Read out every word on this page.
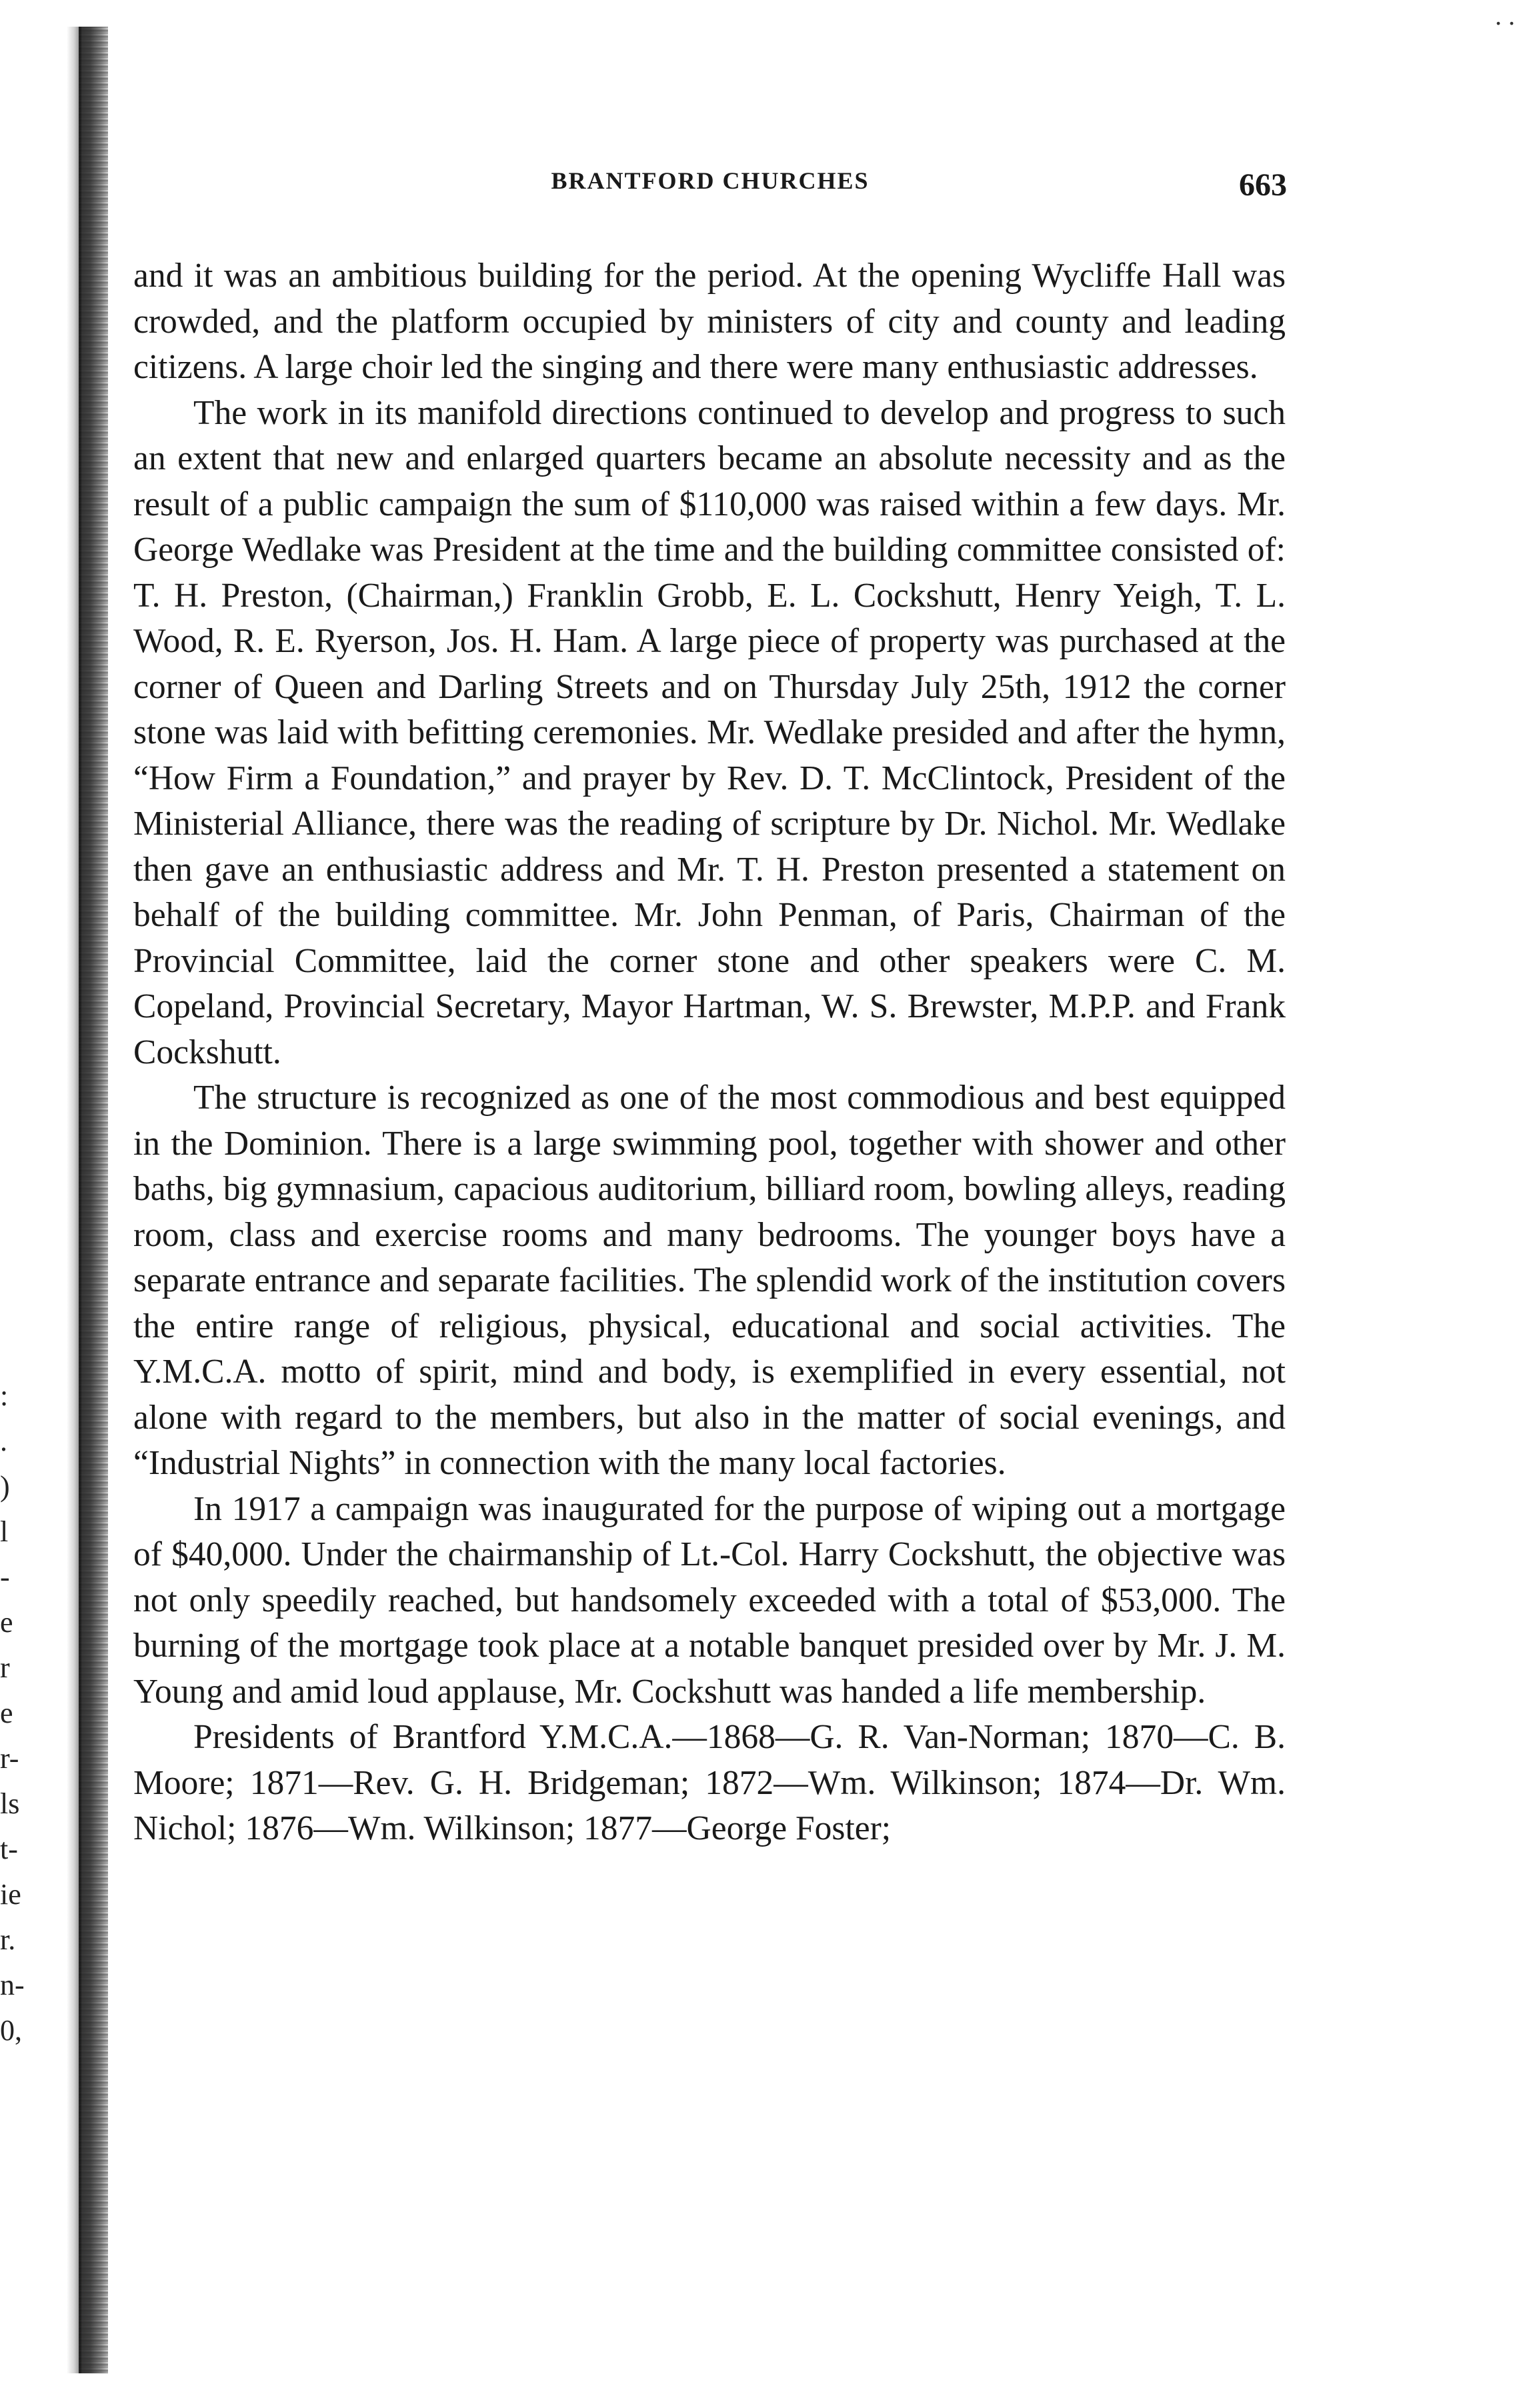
. .
:
.
)
l
-
e
r
e
r-
ls
t-
ie
r.
n-
0,
BRANTFORD CHURCHES	663

and it was an ambitious building for the period. At the opening Wycliffe Hall was crowded, and the platform occupied by ministers of city and county and leading citizens. A large choir led the singing and there were many enthusiastic addresses.

The work in its manifold directions continued to develop and progress to such an extent that new and enlarged quarters became an absolute necessity and as the result of a public campaign the sum of $110,000 was raised within a few days. Mr. George Wedlake was President at the time and the building committee consisted of: T. H. Preston, (Chairman,) Franklin Grobb, E. L. Cockshutt, Henry Yeigh, T. L. Wood, R. E. Ryerson, Jos. H. Ham. A large piece of property was purchased at the corner of Queen and Darling Streets and on Thursday July 25th, 1912 the corner stone was laid with befitting ceremonies. Mr. Wedlake presided and after the hymn, “How Firm a Foundation,” and prayer by Rev. D. T. McClintock, President of the Ministerial Alliance, there was the reading of scripture by Dr. Nichol. Mr. Wedlake then gave an enthusiastic address and Mr. T. H. Preston presented a statement on behalf of the building committee. Mr. John Penman, of Paris, Chairman of the Provincial Committee, laid the corner stone and other speakers were C. M. Copeland, Provincial Secretary, Mayor Hartman, W. S. Brewster, M.P.P. and Frank Cockshutt.

The structure is recognized as one of the most commodious and best equipped in the Dominion. There is a large swimming pool, together with shower and other baths, big gymnasium, capacious auditorium, billiard room, bowling alleys, reading room, class and exercise rooms and many bedrooms. The younger boys have a separate entrance and separate facilities. The splendid work of the institution covers the entire range of religious, physical, educational and social activities. The Y.M.C.A. motto of spirit, mind and body, is exemplified in every essential, not alone with regard to the members, but also in the matter of social evenings, and “Industrial Nights” in connection with the many local factories.

In 1917 a campaign was inaugurated for the purpose of wiping out a mortgage of $40,000. Under the chairmanship of Lt.-Col. Harry Cockshutt, the objective was not only speedily reached, but handsomely exceeded with a total of $53,000. The burning of the mortgage took place at a notable banquet presided over by Mr. J. M. Young and amid loud applause, Mr. Cockshutt was handed a life membership.

Presidents of Brantford Y.M.C.A.—1868—G. R. Van-Norman; 1870—C. B. Moore; 1871—Rev. G. H. Bridgeman; 1872—Wm. Wilkinson; 1874—Dr. Wm. Nichol; 1876—Wm. Wilkinson; 1877—George Foster;
